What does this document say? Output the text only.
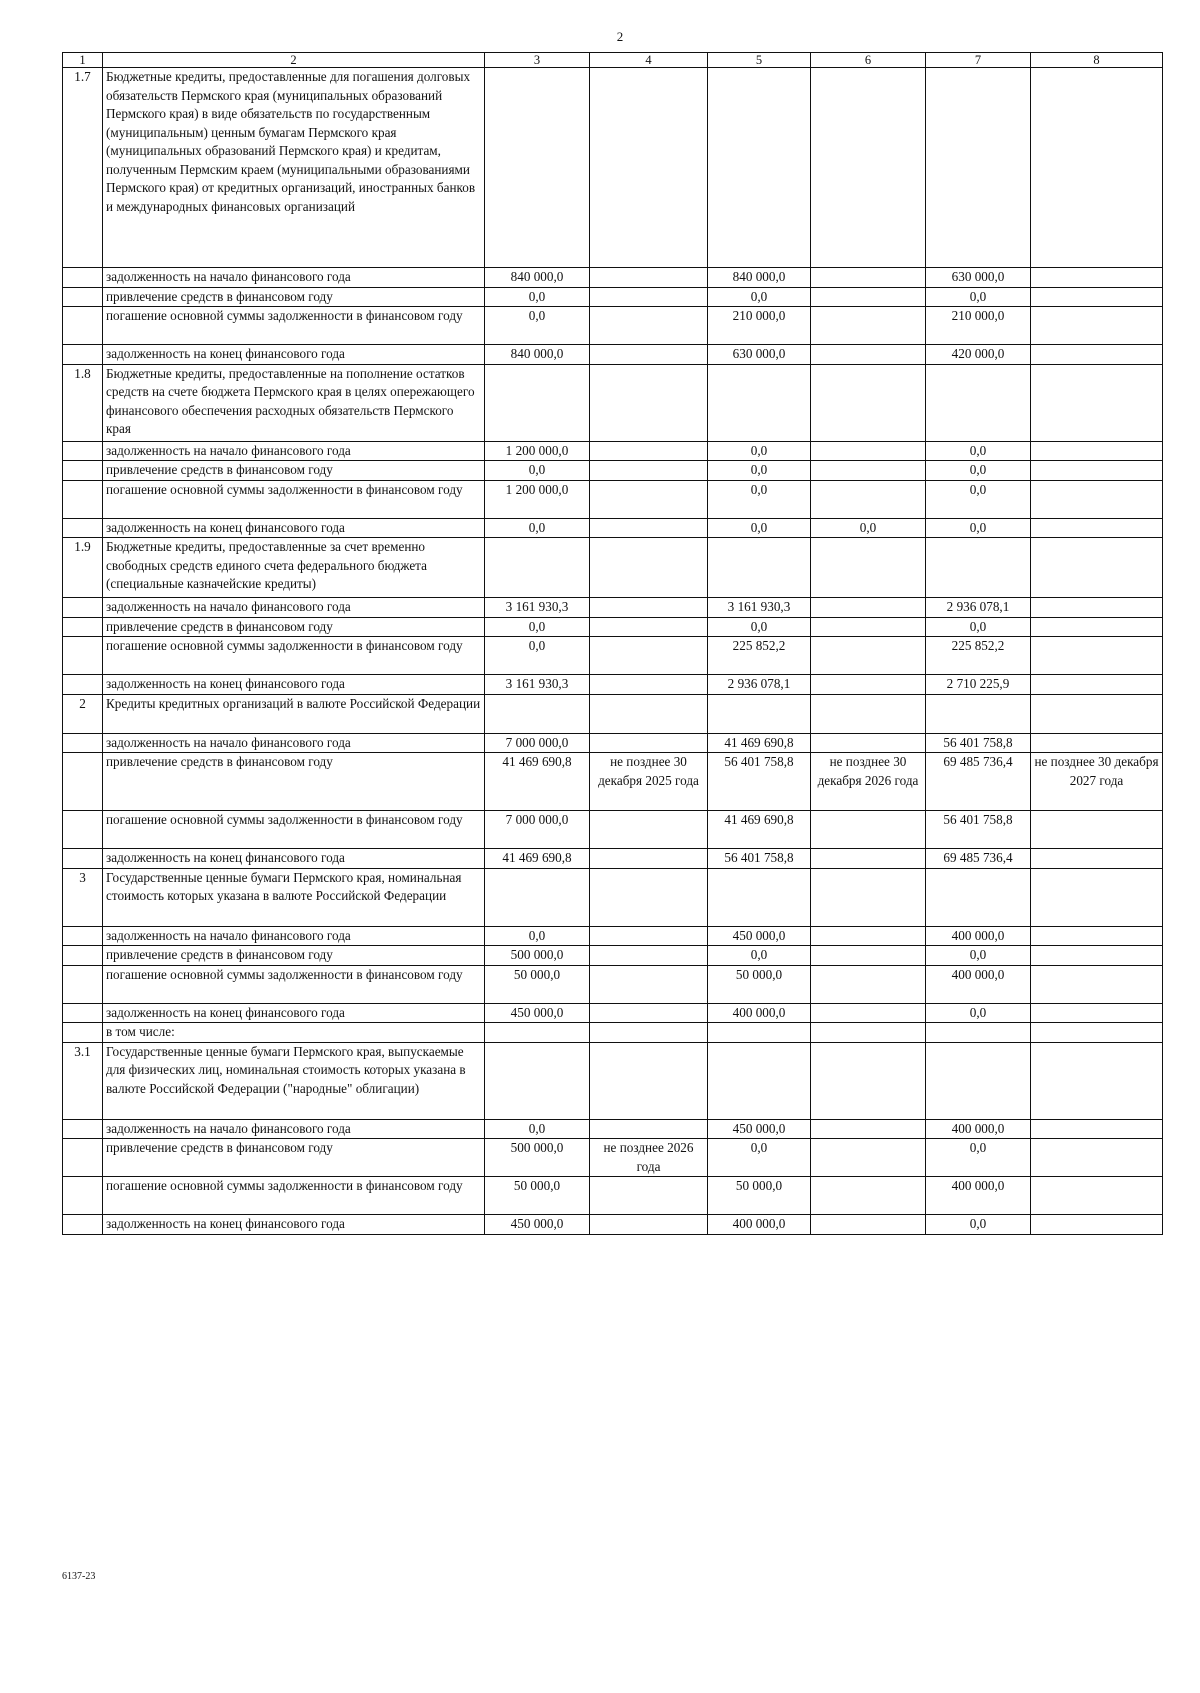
2
1	2	3	4	5	6	7	8
1.7	Бюджетные кредиты, предоставленные для погашения долговых обязательств Пермского края (муниципальных образований Пермского края) в виде обязательств по государственным (муниципальным) ценным бумагам Пермского края (муниципальных образований Пермского края) и кредитам, полученным Пермским краем (муниципальными образованиями Пермского края) от кредитных организаций, иностранных банков и международных финансовых организаций						
	задолженность на начало финансового года	840 000,0		840 000,0		630 000,0	
	привлечение средств в финансовом году	0,0		0,0		0,0	
	погашение основной суммы задолженности в финансовом году	0,0		210 000,0		210 000,0	
	задолженность на конец финансового года	840 000,0		630 000,0		420 000,0	
1.8	Бюджетные кредиты, предоставленные на пополнение остатков средств на счете бюджета Пермского края в целях опережающего финансового обеспечения расходных обязательств Пермского края						
	задолженность на начало финансового года	1 200 000,0		0,0		0,0	
	привлечение средств в финансовом году	0,0		0,0		0,0	
	погашение основной суммы задолженности в финансовом году	1 200 000,0		0,0		0,0	
	задолженность на конец финансового года	0,0		0,0	0,0	0,0	
1.9	Бюджетные кредиты, предоставленные за счет временно свободных средств единого счета федерального бюджета (специальные казначейские кредиты)						
	задолженность на начало финансового года	3 161 930,3		3 161 930,3		2 936 078,1	
	привлечение средств в финансовом году	0,0		0,0		0,0	
	погашение основной суммы задолженности в финансовом году	0,0		225 852,2		225 852,2	
	задолженность на конец финансового года	3 161 930,3		2 936 078,1		2 710 225,9	
2	Кредиты кредитных организаций в валюте Российской Федерации						
	задолженность на начало финансового года	7 000 000,0		41 469 690,8		56 401 758,8	
	привлечение средств в финансовом году	41 469 690,8	не позднее 30 декабря 2025 года	56 401 758,8	не позднее 30 декабря 2026 года	69 485 736,4	не позднее 30 декабря 2027 года
	погашение основной суммы задолженности в финансовом году	7 000 000,0		41 469 690,8		56 401 758,8	
	задолженность на конец финансового года	41 469 690,8		56 401 758,8		69 485 736,4	
3	Государственные ценные бумаги Пермского края, номинальная стоимость которых указана в валюте Российской Федерации						
	задолженность на начало финансового года	0,0		450 000,0		400 000,0	
	привлечение средств в финансовом году	500 000,0		0,0		0,0	
	погашение основной суммы задолженности в финансовом году	50 000,0		50 000,0		400 000,0	
	задолженность на конец финансового года	450 000,0		400 000,0		0,0	
	в том числе:						
3.1	Государственные ценные бумаги Пермского края, выпускаемые для физических лиц, номинальная стоимость которых указана в валюте Российской Федерации ("народные" облигации)						
	задолженность на начало финансового года	0,0		450 000,0		400 000,0	
	привлечение средств в финансовом году	500 000,0	не позднее 2026 года	0,0		0,0	
	погашение основной суммы задолженности в финансовом году	50 000,0		50 000,0		400 000,0	
	задолженность на конец финансового года	450 000,0		400 000,0		0,0	
6137-23
